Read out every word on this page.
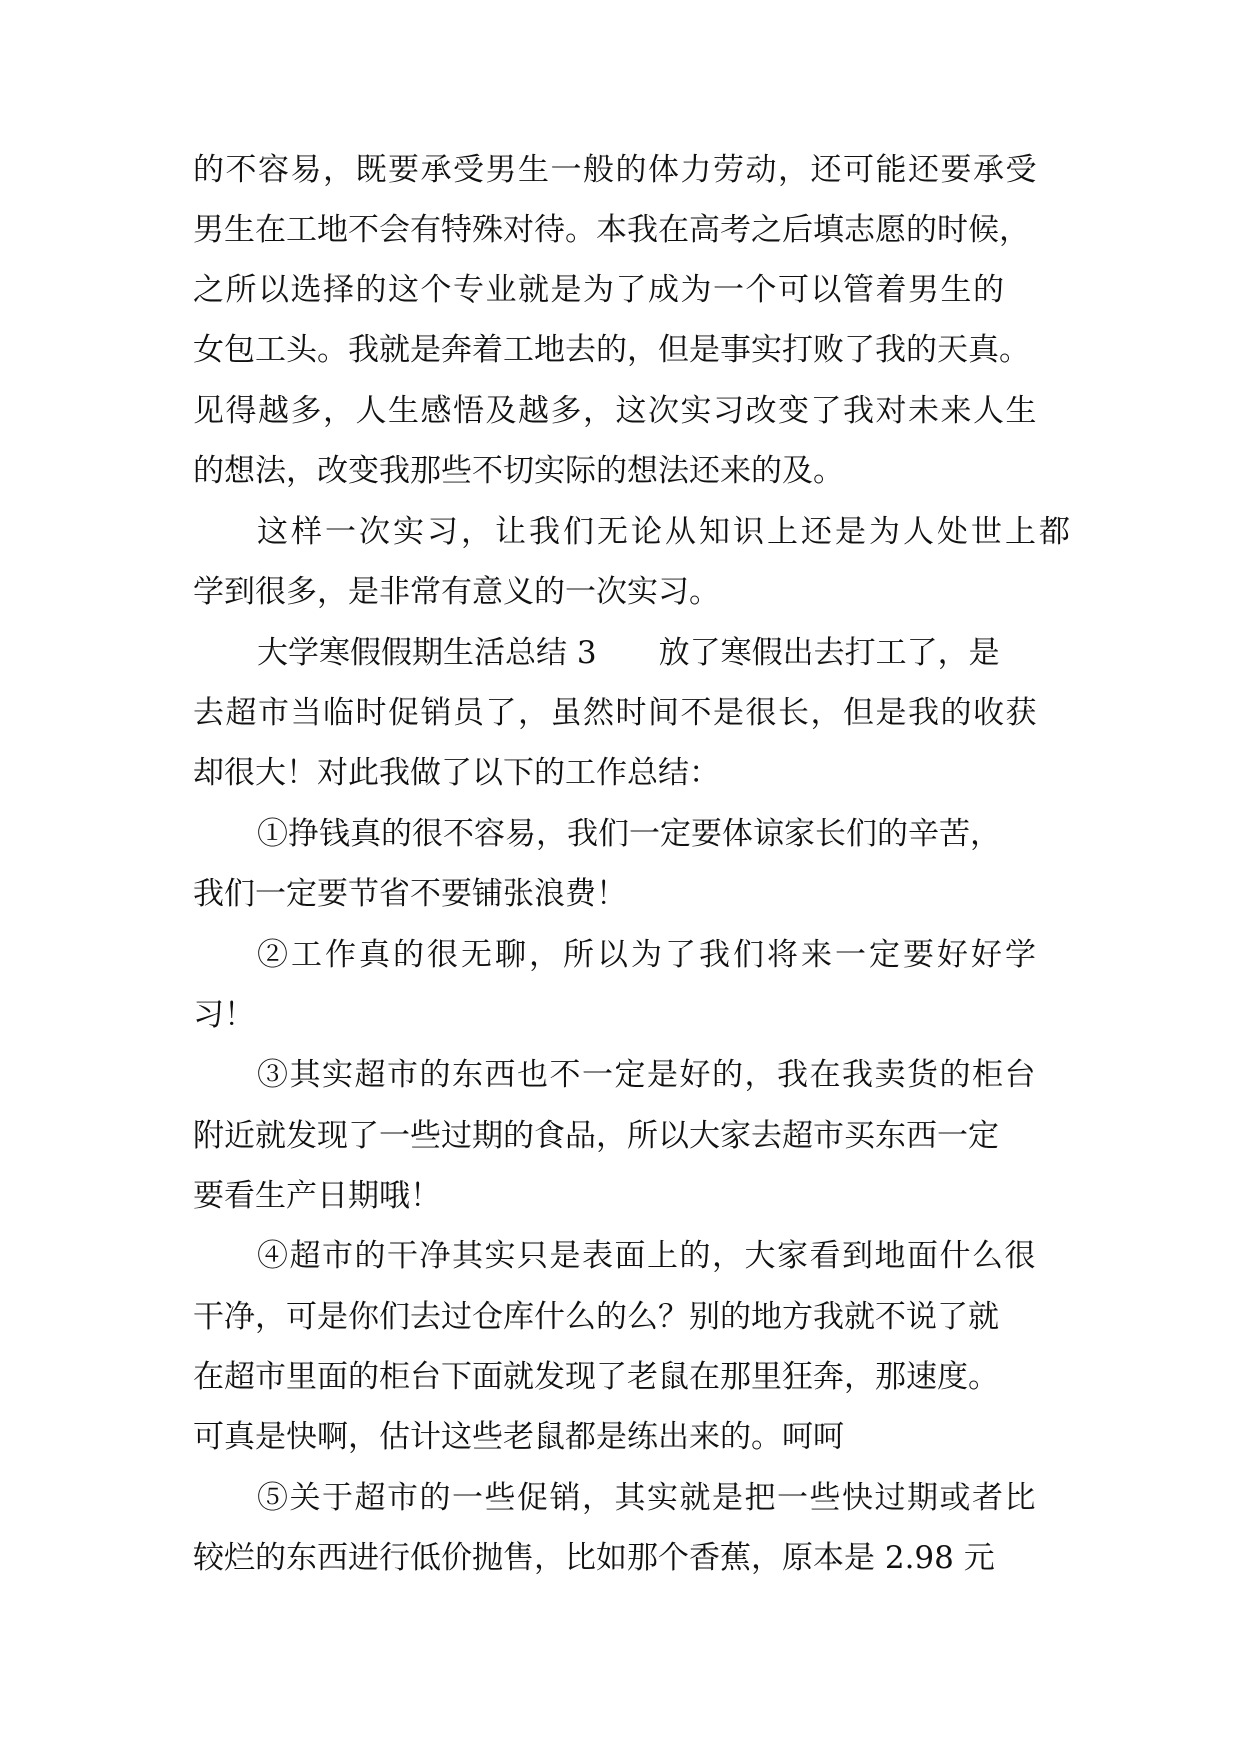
的不容易，既要承受男生一般的体力劳动，还可能还要承受
男生在工地不会有特殊对待。本我在高考之后填志愿的时候，
之所以选择的这个专业就是为了成为一个可以管着男生的
女包工头。我就是奔着工地去的，但是事实打败了我的天真。
见得越多，人生感悟及越多，这次实习改变了我对未来人生
的想法，改变我那些不切实际的想法还来的及。
这样一次实习，让我们无论从知识上还是为人处世上都
学到很多，是非常有意义的一次实习。
大学寒假假期生活总结 3 放了寒假出去打工了，是
去超市当临时促销员了，虽然时间不是很长，但是我的收获
却很大！对此我做了以下的工作总结：
①挣钱真的很不容易，我们一定要体谅家长们的辛苦，
我们一定要节省不要铺张浪费！
②工作真的很无聊，所以为了我们将来一定要好好学
习！
③其实超市的东西也不一定是好的，我在我卖货的柜台
附近就发现了一些过期的食品，所以大家去超市买东西一定
要看生产日期哦！
④超市的干净其实只是表面上的，大家看到地面什么很
干净，可是你们去过仓库什么的么？别的地方我就不说了就
在超市里面的柜台下面就发现了老鼠在那里狂奔，那速度。
可真是快啊，估计这些老鼠都是练出来的。呵呵
⑤关于超市的一些促销，其实就是把一些快过期或者比
较烂的东西进行低价抛售，比如那个香蕉，原本是 2.98 元
